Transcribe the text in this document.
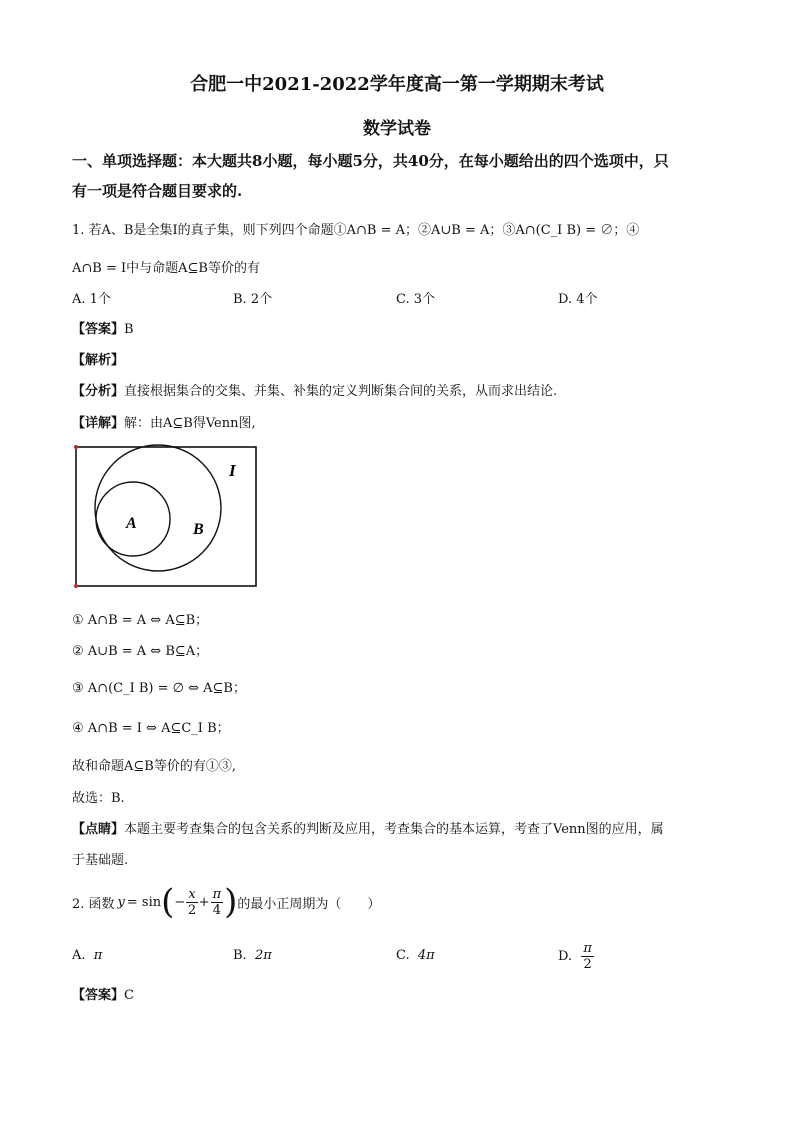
合肥一中2021-2022学年度高一第一学期期末考试
数学试卷
一、单项选择题：本大题共8小题，每小题5分，共40分，在每小题给出的四个选项中，只
有一项是符合题目要求的.
1. 若A、B是全集I的真子集，则下列四个命题①A∩B = A；②A∪B = A；③A∩(C_I B) = ∅；④
A∩B = I中与命题A⊆B等价的有
A. 1个	B. 2个	C. 3个	D. 4个
【答案】B
【解析】
【分析】直接根据集合的交集、并集、补集的定义判断集合间的关系，从而求出结论.
【详解】解：由A⊆B得Venn图,
I
A	B
① A∩B = A ⇔ A⊆B；
② A∪B = A ⇔ B⊆A；
③ A∩(C_I B) = ∅ ⇔ A⊆B；
④ A∩B = I ⇔ A⊆C_I B；
故和命题A⊆B等价的有①③,
故选：B.
【点睛】本题主要考查集合的包含关系的判断及应用，考查集合的基本运算，考查了Venn图的应用，属
于基础题.
2. 函数 y = sin ( − $\frac{x}{2} + \frac{\pi}{4}$ ) 的最小正周期为（　　）
A. π	B. 2π	C. 4π	D.
$\frac{\pi}{2}$
【答案】C
